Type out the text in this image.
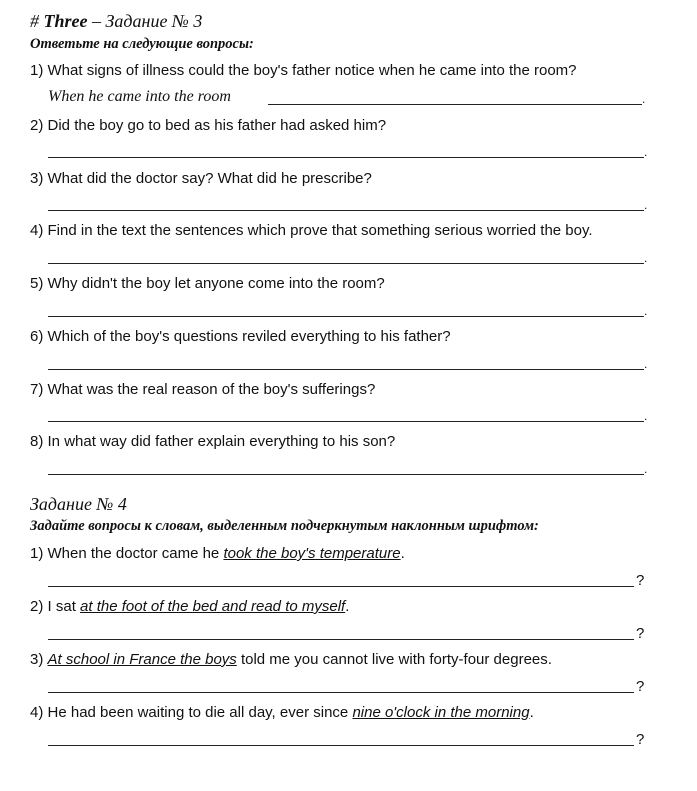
# Three – Задание № 3
Ответьте на следующие вопросы:
1) What signs of illness could the boy's father notice when he came into the room?
When he came into the room	.
2) Did the boy go to bed as his father had asked him?
.
3) What did the doctor say? What did he prescribe?
.
4) Find in the text the sentences which prove that something serious worried the boy.
.
5) Why didn't the boy let anyone come into the room?
.
6) Which of the boy's questions reviled everything to his father?
.
7) What was the real reason of the boy's sufferings?
.
8) In what way did father explain everything to his son?
.
Задание № 4
Задайте вопросы к словам, выделенным подчеркнутым наклонным шрифтом:
1) When the doctor came he took the boy's temperature.
?
2) I sat at the foot of the bed and read to myself.
?
3) At school in France the boys told me you cannot live with forty-four degrees.
?
4) He had been waiting to die all day, ever since nine o'clock in the morning.
?
